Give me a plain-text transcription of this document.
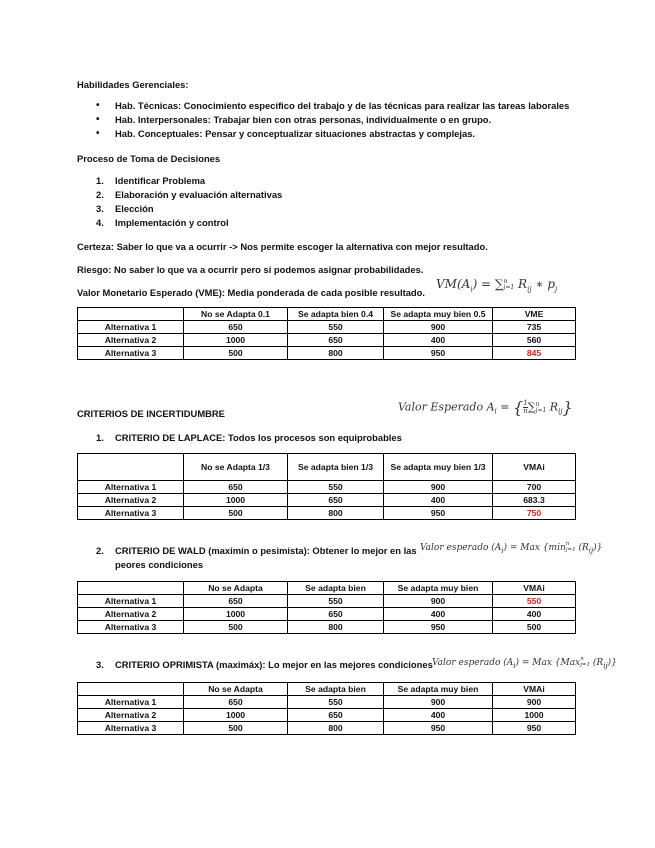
Habilidades Gerenciales:
• Hab. Técnicas: Conocimiento específico del trabajo y de las técnicas para realizar las tareas laborales
• Hab. Interpersonales: Trabajar bien con otras personas, individualmente o en grupo.
• Hab. Conceptuales: Pensar y conceptualizar situaciones abstractas y complejas.
Proceso de Toma de Decisiones
1. Identificar Problema
2. Elaboración y evaluación alternativas
3. Elección
4. Implementación y control
Certeza: Saber lo que va a ocurrir -> Nos permite escoger la alternativa con mejor resultado.
Riesgo: No saber lo que va a ocurrir pero si podemos asignar probabilidades.
Valor Monetario Esperado (VME): Media ponderada de cada posible resultado.
$VM(A_i)$ = ∑ n
j=1 $R_{ij}$ ∗ $p_j$
	No se Adapta 0.1	Se adapta bien 0.4	Se adapta muy bien 0.5	VME
Alternativa 1	650	550	900	735
Alternativa 2	1000	650	400	560
Alternativa 3	500	800	950	845
CRITERIOS DE INCERTIDUMBRE	Valor Esperado $A_i$ = { $\frac{1}{n}$ ∑ n
j=1 $R_{ij}$}
1. CRITERIO DE LAPLACE: Todos los procesos son equiprobables
	No se Adapta 1/3	Se adapta bien 1/3	Se adapta muy bien 1/3	VMAi
Alternativa 1	650	550	900	700
Alternativa 2	1000	650	400	683.3
Alternativa 3	500	800	950	750
2. CRITERIO DE WALD (maximín o pesimista): Obtener lo mejor en las
peores condiciones
Valor esperado $(A_i)$ = Max {min n
j=1 $(R_{ij})$}
	No se Adapta	Se adapta bien	Se adapta muy bien	VMAi
Alternativa 1	650	550	900	550
Alternativa 2	1000	650	400	400
Alternativa 3	500	800	950	500
3. CRITERIO OPRIMISTA (maximáx): Lo mejor en las mejores condiciones Valor esperado $(A_i)$ = Max {Max n
j=1 $(R_{ij})$}
	No se Adapta	Se adapta bien	Se adapta muy bien	VMAi
Alternativa 1	650	550	900	900
Alternativa 2	1000	650	400	1000
Alternativa 3	500	800	950	950
